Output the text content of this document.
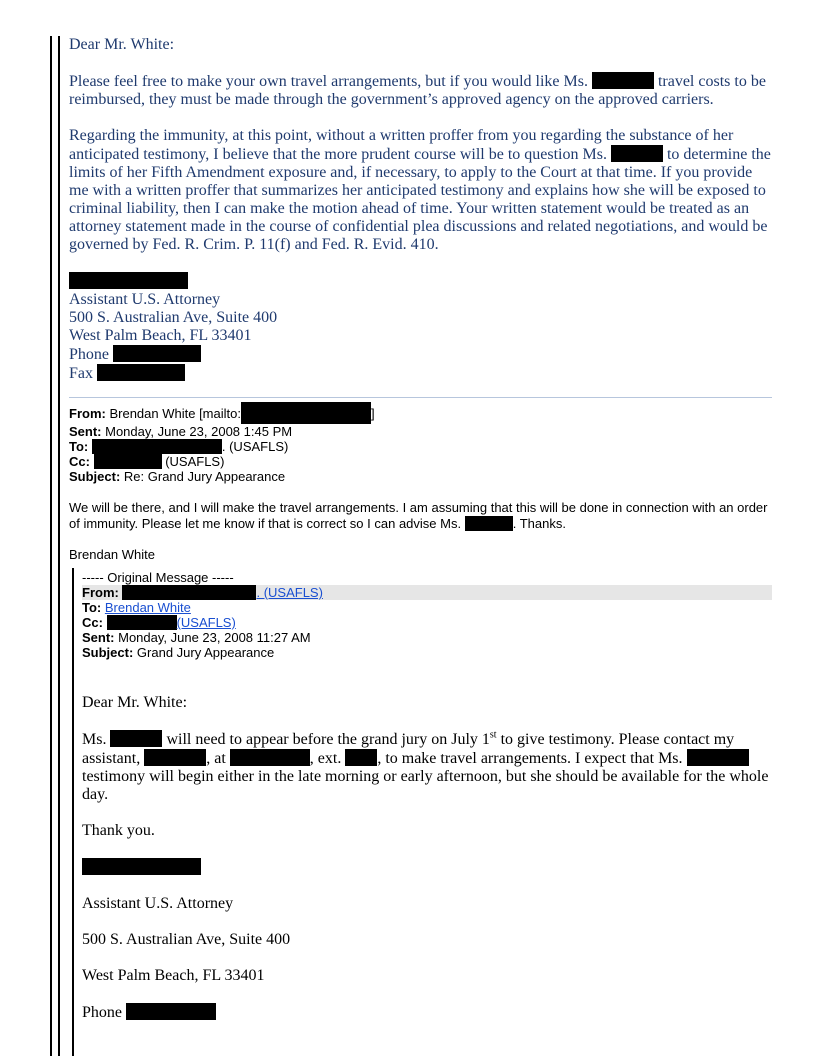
Dear Mr. White:

Please feel free to make your own travel arrangements, but if you would like Ms.	travel costs to be reimbursed, they must be made through the government’s approved agency on the approved carriers.

Regarding the immunity, at this point, without a written proffer from you regarding the substance of her anticipated testimony, I believe that the more prudent course will be to question Ms.	to determine the limits of her Fifth Amendment exposure and, if necessary, to apply to the Court at that time. If you provide me with a written proffer that summarizes her anticipated testimony and explains how she will be exposed to criminal liability, then I can make the motion ahead of time. Your written statement would be treated as an attorney statement made in the course of confidential plea discussions and related negotiations, and would be governed by Fed. R. Crim. P. 11(f) and Fed. R. Evid. 410.

Assistant U.S. Attorney
500 S. Australian Ave, Suite 400
West Palm Beach, FL 33401
Phone
Fax
From: Brendan White [mailto:	]
Sent: Monday, June 23, 2008 1:45 PM
To:	. (USAFLS)
Cc:	(USAFLS)
Subject: Re: Grand Jury Appearance
We will be there, and I will make the travel arrangements. I am assuming that this will be done in connection with an order of immunity. Please let me know if that is correct so I can advise Ms.	. Thanks.
Brendan White
----- Original Message -----
From:	. (USAFLS)
To: Brendan White
Cc:	(USAFLS)
Sent: Monday, June 23, 2008 11:27 AM
Subject: Grand Jury Appearance

Dear Mr. White:

Ms.	will need to appear before the grand jury on July 1st to give testimony. Please contact my assistant,	, at	, ext. , to make travel arrangements. I expect that Ms.  testimony will begin either in the late morning or early afternoon, but she should be available for the whole day.

Thank you.

Assistant U.S. Attorney

500 S. Australian Ave, Suite 400

West Palm Beach, FL 33401

Phone
